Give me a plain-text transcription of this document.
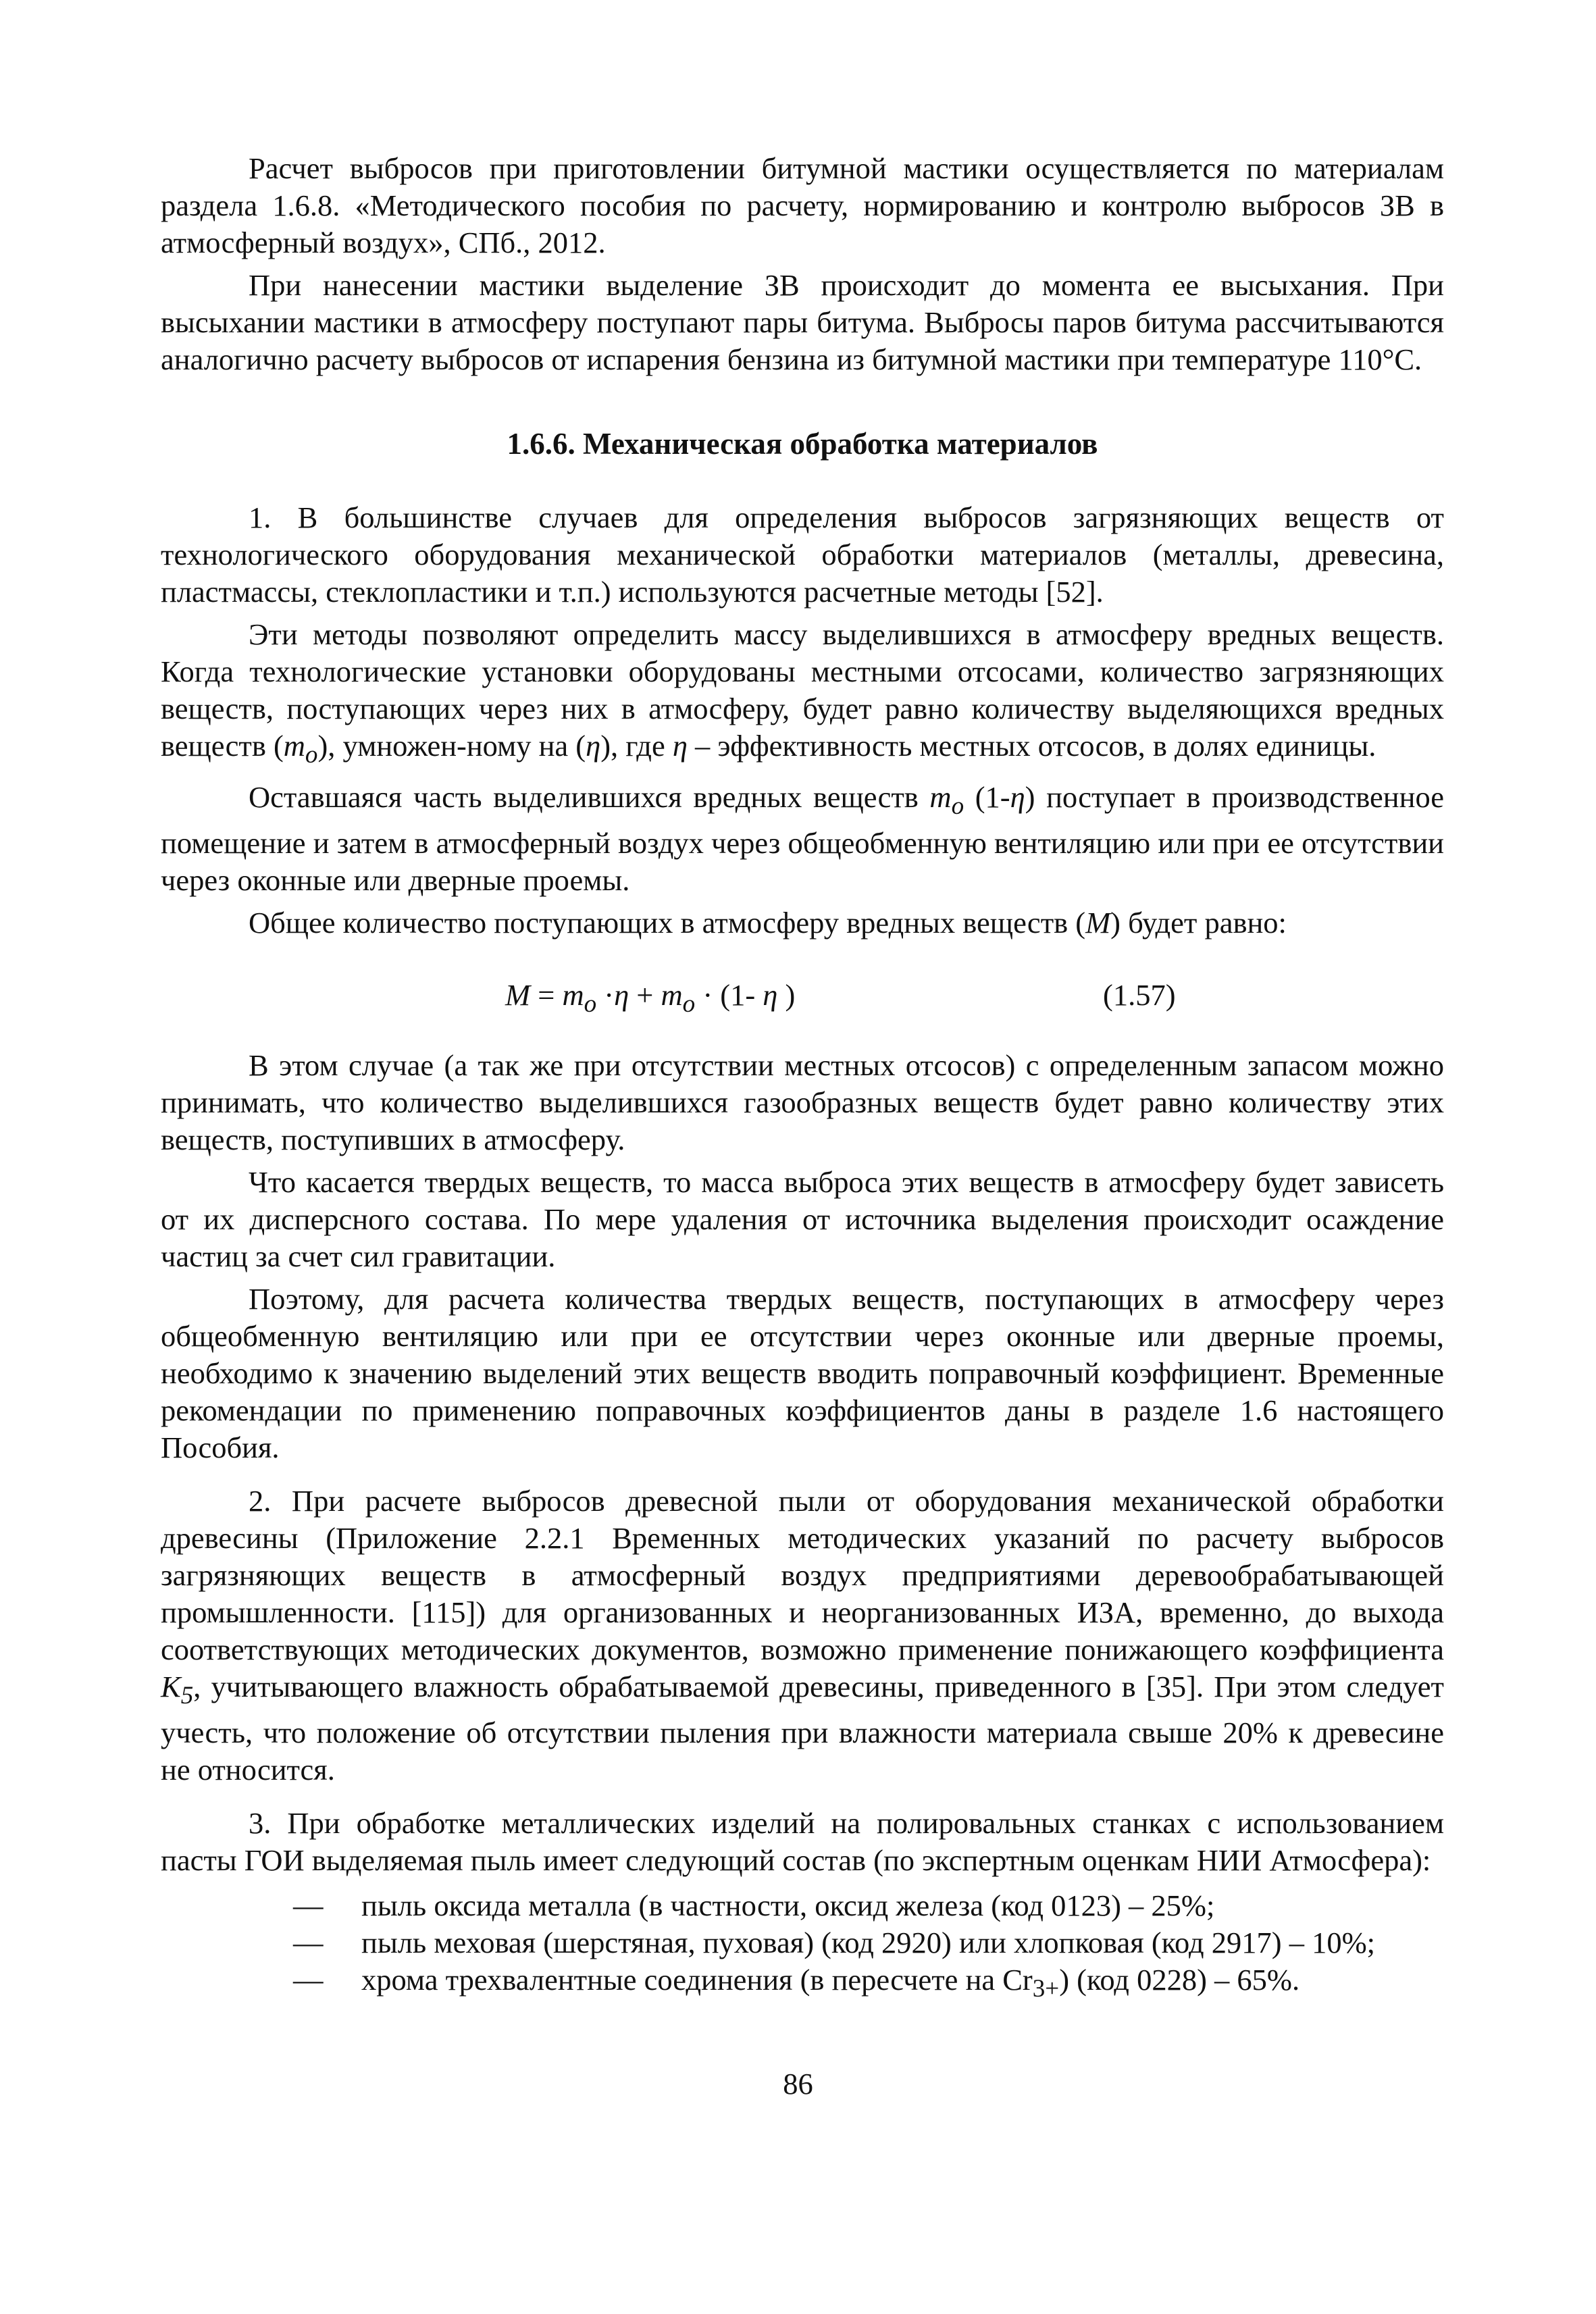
Расчет выбросов при приготовлении битумной мастики осуществляется по материалам раздела 1.6.8. «Методического пособия по расчету, нормированию и контролю выбросов ЗВ в атмосферный воздух», СПб., 2012.

При нанесении мастики выделение ЗВ происходит до момента ее высыхания. При высыхании мастики в атмосферу поступают пары битума. Выбросы паров битума рассчитываются аналогично расчету выбросов от испарения бензина из битумной мастики при температуре 110°С.

1.6.6. Механическая обработка материалов

1. В большинстве случаев для определения выбросов загрязняющих веществ от технологического оборудования механической обработки материалов (металлы, древесина, пластмассы, стеклопластики и т.п.) используются расчетные методы [52].

Эти методы позволяют определить массу выделившихся в атмосферу вредных веществ. Когда технологические установки оборудованы местными отсосами, количество загрязняющих веществ, поступающих через них в атмосферу, будет равно количеству выделяющихся вредных веществ $(m_o)$, умножен-ному на (η), где η – эффективность местных отсосов, в долях единицы.

Оставшаяся часть выделившихся вредных веществ $m_o$ (1-η) поступает в производственное помещение и затем в атмосферный воздух через общеобменную вентиляцию или при ее отсутствии через оконные или дверные проемы.

Общее количество поступающих в атмосферу вредных веществ (M) будет равно:

$M = m_o \cdot\eta + m_o \cdot (1-$ η )	(1.57)

В этом случае (а так же при отсутствии местных отсосов) с определенным запасом можно принимать, что количество выделившихся газообразных веществ будет равно количеству этих веществ, поступивших в атмосферу.

Что касается твердых веществ, то масса выброса этих веществ в атмосферу будет зависеть от их дисперсного состава. По мере удаления от источника выделения происходит осаждение частиц за счет сил гравитации.

Поэтому, для расчета количества твердых веществ, поступающих в атмосферу через общеобменную вентиляцию или при ее отсутствии через оконные или дверные проемы, необходимо к значению выделений этих веществ вводить поправочный коэффициент. Временные рекомендации по применению поправочных коэффициентов даны в разделе 1.6 настоящего Пособия.

2. При расчете выбросов древесной пыли от оборудования механической обработки древесины (Приложение 2.2.1 Временных методических указаний по расчету выбросов загрязняющих веществ в атмосферный воздух предприятиями деревообрабатывающей промышленности. [115]) для организованных и неорганизованных ИЗА, временно, до выхода соответствующих методических документов, возможно применение понижающего коэффициента $K_5$, учитывающего влажность обрабатываемой древесины, приведенного в [35]. При этом следует учесть, что положение об отсутствии пыления при влажности материала свыше 20% к древесине не относится.

3. При обработке металлических изделий на полировальных станках с использованием пасты ГОИ выделяемая пыль имеет следующий состав (по экспертным оценкам НИИ Атмосфера):

— пыль оксида металла (в частности, оксид железа (код 0123) – 25%;
— пыль меховая (шерстяная, пуховая) (код 2920) или хлопковая (код 2917) – 10%;
— хрома трехвалентные соединения (в пересчете на $Cr_{3+}$) (код 0228) – 65%.
86
